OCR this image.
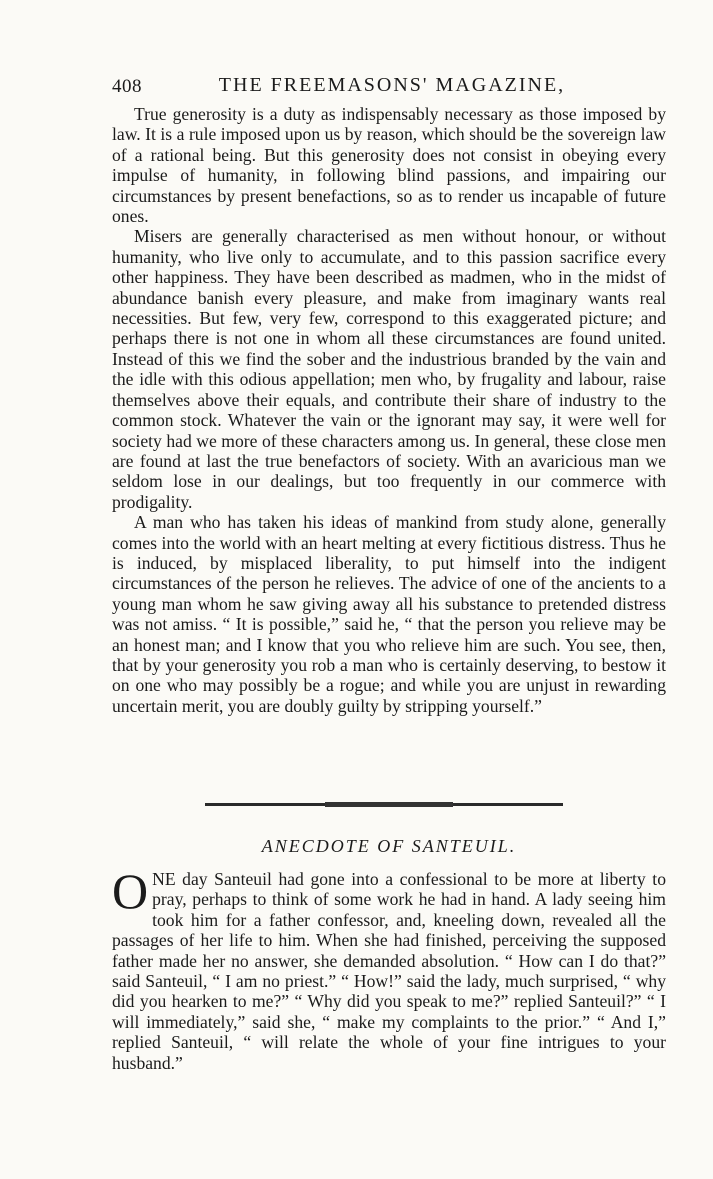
408	THE FREEMASONS' MAGAZINE,

True generosity is a duty as indispensably necessary as those imposed by law. It is a rule imposed upon us by reason, which should be the sovereign law of a rational being. But this generosity does not consist in obeying every impulse of humanity, in following blind passions, and impairing our circumstances by present benefactions, so as to render us incapable of future ones.

Misers are generally characterised as men without honour, or without humanity, who live only to accumulate, and to this passion sacrifice every other happiness. They have been described as madmen, who in the midst of abundance banish every pleasure, and make from imaginary wants real necessities. But few, very few, correspond to this exaggerated picture; and perhaps there is not one in whom all these circumstances are found united. Instead of this we find the sober and the industrious branded by the vain and the idle with this odious appellation; men who, by frugality and labour, raise themselves above their equals, and contribute their share of industry to the common stock. Whatever the vain or the ignorant may say, it were well for society had we more of these characters among us. In general, these close men are found at last the true benefactors of society. With an avaricious man we seldom lose in our dealings, but too frequently in our commerce with prodigality.

A man who has taken his ideas of mankind from study alone, generally comes into the world with an heart melting at every fictitious distress. Thus he is induced, by misplaced liberality, to put himself into the indigent circumstances of the person he relieves. The advice of one of the ancients to a young man whom he saw giving away all his substance to pretended distress was not amiss. “ It is possible,” said he, “ that the person you relieve may be an honest man; and I know that you who relieve him are such. You see, then, that by your generosity you rob a man who is certainly deserving, to bestow it on one who may possibly be a rogue; and while you are unjust in rewarding uncertain merit, you are doubly guilty by stripping yourself.”

ANECDOTE OF SANTEUIL.
O NE day Santeuil had gone into a confessional to be more at liberty to pray, perhaps to think of some work he had in hand. A lady seeing him took him for a father confessor, and, kneeling down, revealed all the passages of her life to him. When she had finished, perceiving the supposed father made her no answer, she demanded absolution. “ How can I do that?” said Santeuil, “ I am no priest.” “ How!” said the lady, much surprised, “ why did you hearken to me?” “ Why did you speak to me?” replied Santeuil?” “ I will immediately,” said she, “ make my complaints to the prior.” “ And I,” replied Santeuil, “ will relate the whole of your fine intrigues to your husband.”
